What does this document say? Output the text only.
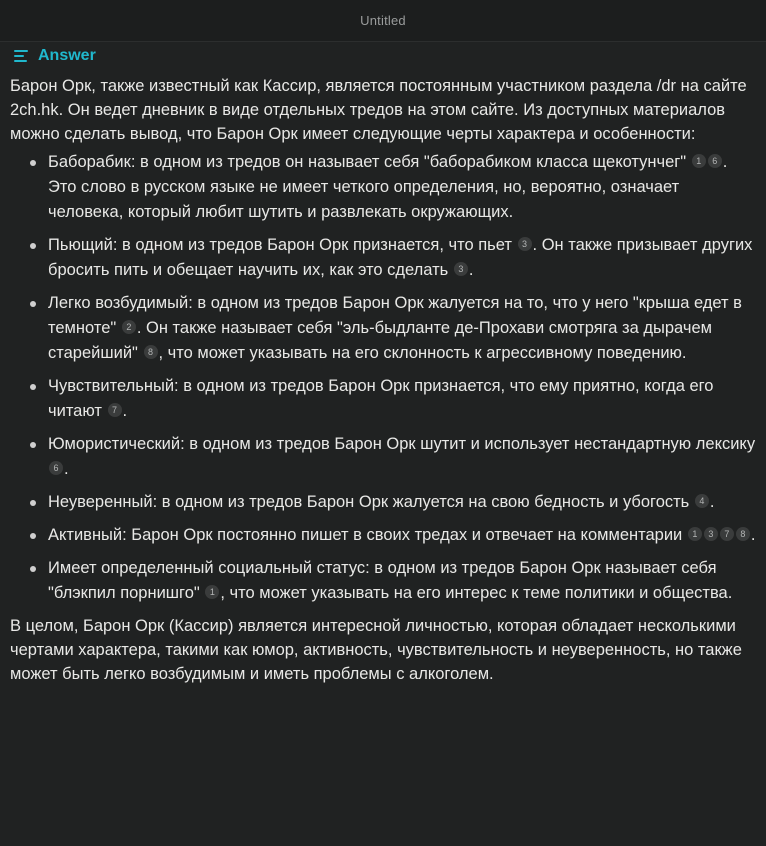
Untitled
Answer

Барон Орк, также известный как Кассир, является постоянным участником раздела /dr на сайте 2ch.hk. Он ведет дневник в виде отдельных тредов на этом сайте. Из доступных материалов можно сделать вывод, что Барон Орк имеет следующие черты характера и особенности:

Баборабик: в одном из тредов он называет себя "баборабиком класса щекотунчег" 1 6 . Это слово в русском языке не имеет четкого определения, но, вероятно, означает человека, который любит шутить и развлекать окружающих.
Пьющий: в одном из тредов Барон Орк признается, что пьет 3 . Он также призывает других бросить пить и обещает научить их, как это сделать 3 .
Легко возбудимый: в одном из тредов Барон Орк жалуется на то, что у него "крыша едет в темноте" 2 . Он также называет себя "эль-быдланте де-Прохави смотряга за дырачем старейший" 8 , что может указывать на его склонность к агрессивному поведению.
Чувствительный: в одном из тредов Барон Орк признается, что ему приятно, когда его читают 7 .
Юмористический: в одном из тредов Барон Орк шутит и использует нестандартную лексику 6 .
Неуверенный: в одном из тредов Барон Орк жалуется на свою бедность и убогость 4 .
Активный: Барон Орк постоянно пишет в своих тредах и отвечает на комментарии 1 3 7 8 .
Имеет определенный социальный статус: в одном из тредов Барон Орк называет себя "блэкпил порнишго" 1 , что может указывать на его интерес к теме политики и общества.

В целом, Барон Орк (Кассир) является интересной личностью, которая обладает несколькими чертами характера, такими как юмор, активность, чувствительность и неуверенность, но также может быть легко возбудимым и иметь проблемы с алкоголем.
